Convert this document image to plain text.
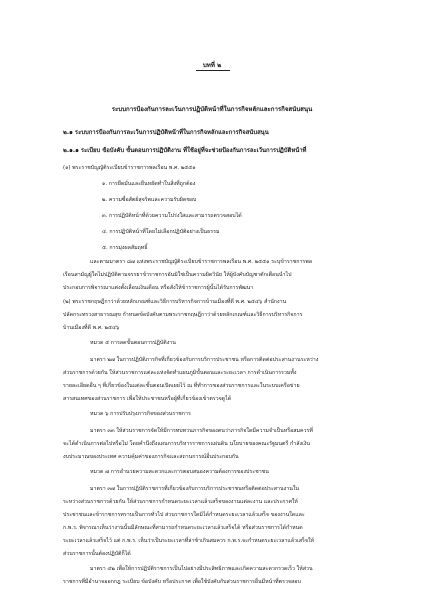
บทที่ ๒
ระบบการป้องกันการละเว้นการปฏิบัติหน้าที่ในการกิจหลักและการกิจสนับสนุน
๒.๑ ระบบการป้องกันการละเว้นการปฏิบัติหน้าที่ในการกิจหลักและการกิจสนับสนุน
๒.๑.๑ ระเบียบ ข้อบังคับ ขั้นตอนการปฏิบัติงาน ที่ใช้อยู่ที่จะช่วยป้องกันการละเว้นการปฏิบัติหน้าที่
(๑) พระราชบัญญัติระเบียบข้าราชการพลเรือน พ.ศ. ๒๕๕๑
๑. การยึดมั่นและยืนหยัดทำในสิ่งที่ถูกต้อง
๒. ความซื่อสัตย์สุจริตและความรับผิดชอบ
๓. การปฏิบัติหน้าที่ด้วยความโปร่งใสและสามารถตรวจสอบได้
๔. การปฏิบัติหน้าที่โดยไม่เลือกปฏิบัติอย่างเป็นธรรม
๕. การมุ่งผลสัมฤทธิ์
และตามมาตรา ๘๗ แห่งพระราชบัญญัติระเบียบข้าราชการพลเรือน พ.ศ. ๒๕๕๑ ระบุข้าราชการพล
เรือนสามัญผู้ใดไม่ปฏิบัติตามจรรยาข้าราชการอันมิใช่เป็นความผิดวินัย ให้ผู้บังคับบัญชาตักเตือนนำไป
ประกอบการพิจารณาแต่งตั้งเลื่อนเงินเดือน หรือสั่งให้ข้าราชการผู้นั้นได้รับการพัฒนา
(๒) พระราชกฤษฎีกาว่าด้วยหลักเกณฑ์และวิธีการบริหารกิจการบ้านเมืองที่ดี พ.ศ. ๒๕๔๖ สำนักงาน
ปลัดกระทรวงสาธารณสุข กำหนดข้อบังคับตามพระราชกฤษฎีกาว่าด้วยหลักเกณฑ์และวิธีการบริหารกิจการ
บ้านเมืองที่ดี พ.ศ. ๒๕๔๖
หมวด ๕ การลดขั้นตอนการปฏิบัติงาน
มาตรา ๒๗ ในการปฏิบัติภารกิจที่เกี่ยวข้องกับการบริการประชาชน หรือการติดต่อประสานงานระหว่าง
ส่วนราชการด้วยกัน ให้ส่วนราชการแต่ละแห่งจัดทำแผนภูมิขั้นตอนและระยะเวลา การดำเนินการรวมทั้ง
รายละเอียดอื่น ๆ ที่เกี่ยวข้องในแต่ละขั้นตอนเปิดเผยไว้ ณ ที่ทำการของส่วนราชการและในระบบเครือข่าย
สารสนเทศของส่วนราชการ เพื่อให้ประชาชนหรือผู้ที่เกี่ยวข้องเข้าตรวจดูได้
หมวด ๖ การปรับปรุงภารกิจของส่วนราชการ
มาตรา ๓๓ ให้ส่วนราชการจัดให้มีการทบทวนภารกิจของตนว่าภารกิจใดมีความจำเป็นหรือสมควรที่
จะได้ดำเนินการต่อไปหรือไม่ โดยคำนึงถึงแผนการบริหารราชการแผ่นดิน นโยบายของคณะรัฐมนตรี กำลังเงิน
งบประมาณของประเทศ ความคุ้มค่าของภารกิจและสถานการณ์อื่นประกอบกัน
หมวด ๗ การอำนวยความสะดวกและการตอบสนองความต้องการของประชาชน
มาตรา ๓๗ ในการปฏิบัติราชการที่เกี่ยวข้องกับการบริการประชาชนหรือติดต่อประสานงานใน
ระหว่างส่วนราชการด้วยกัน ให้ส่วนราชการกำหนดระยะเวลาแล้วเสร็จของงานแต่ละงาน และประกาศให้
ประชาชนและข้าราชการทราบเป็นการทั่วไป ส่วนราชการใดมิได้กำหนดระยะเวลาแล้วเสร็จ ของงานใดและ
ก.พ.ร. พิจารณาเห็นว่างานนั้นมีลักษณะที่สามารถกำหนดระยะเวลาแล้วเสร็จได้ หรือส่วนราชการได้กำหนด
ระยะเวลาแล้วเสร็จไว้ แต่ ก.พ.ร. เห็นว่าเป็นระยะเวลาที่ล่าช้าเกินสมควร ก.พ.ร.จะกำหนดระยะเวลาแล้วเสร็จให้
ส่วนราชการนั้นต้องปฏิบัติก็ได้
มาตรา ๔๒ เพื่อให้การปฏิบัติราชการเป็นไปอย่างมีประสิทธิภาพและเกิดความสะดวกรวดเร็ว ให้ส่วน
ราชการที่มีอำนาจออกกฎ ระเบียบ ข้อบังคับ หรือประกาศ เพื่อใช้บังคับกับส่วนราชการอื่นมีหน้าที่ตรวจสอบ
